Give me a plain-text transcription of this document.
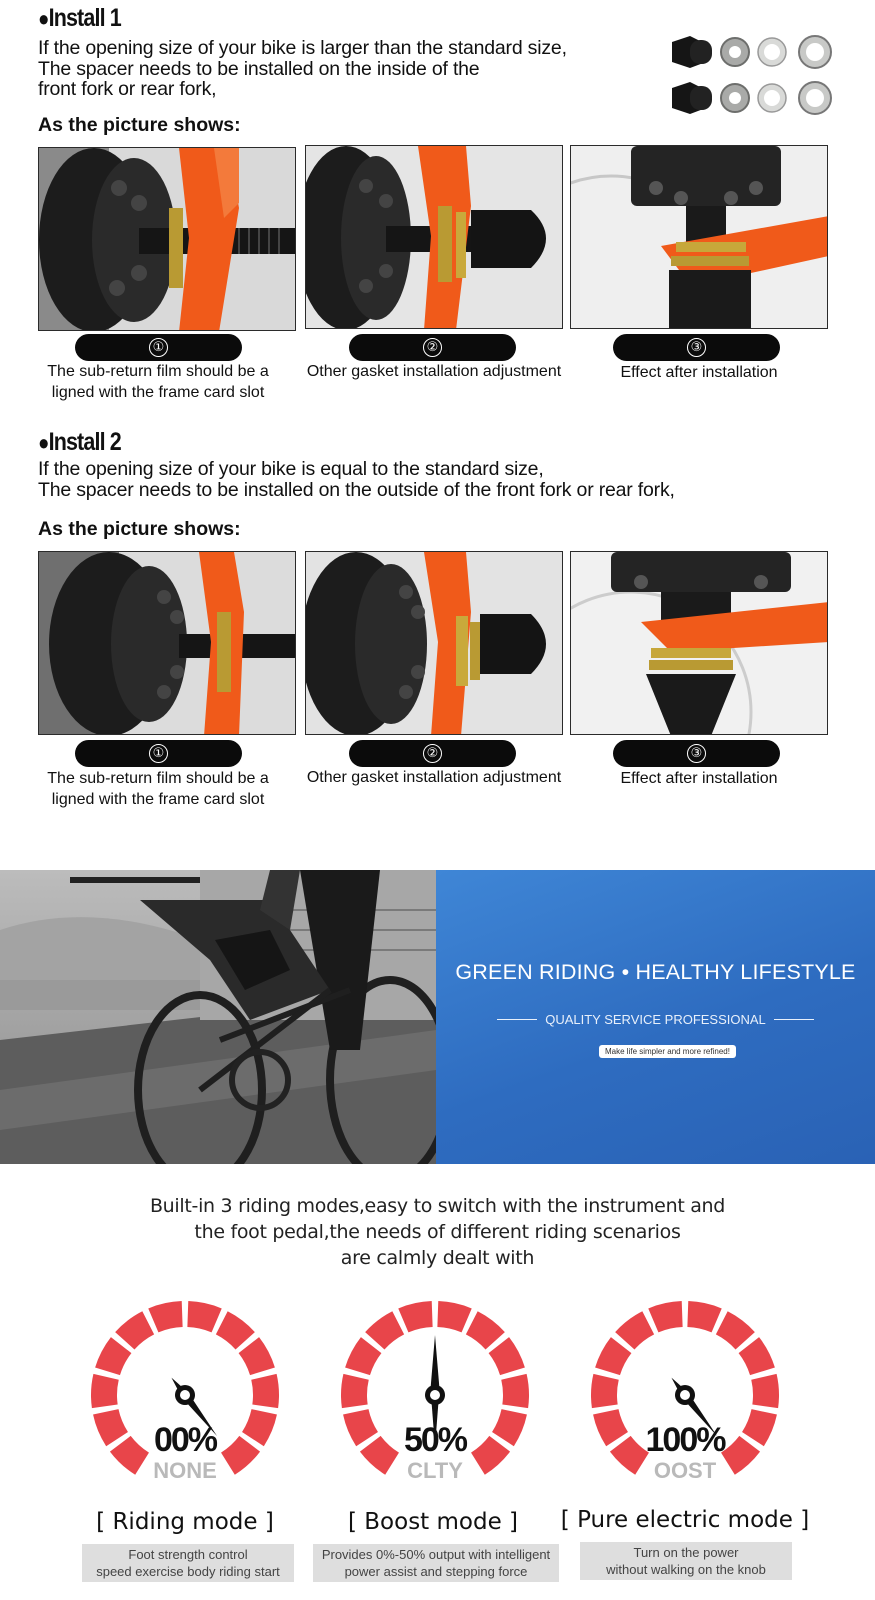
●Install 1
If the opening size of your bike is larger than the standard size,
The spacer needs to be installed on the inside of the
front fork or rear fork,
As the picture shows:
①	②	③
The sub-return film should be a
ligned with the frame card slot
Other gasket installation adjustment	Effect after installation
●Install 2
If the opening size of your bike is equal to the standard size,
The spacer needs to be installed on the outside of the front fork or rear fork,
As the picture shows:
①	②	③
The sub-return film should be a
ligned with the frame card slot
Other gasket installation adjustment	Effect after installation
GREEN RIDING • HEALTHY LIFESTYLE
QUALITY SERVICE PROFESSIONAL
Make life simpler and more refined!
Built-in 3 riding modes,easy to switch with the instrument and
the foot pedal,the needs of different riding scenarios
are calmly dealt with
00%
NONE
50%
CLTY
100%
OOST
[ Riding mode ]	[ Boost mode ]	[ Pure electric mode ]
Foot strength control
speed exercise body riding start
Provides 0%-50% output with intelligent
power assist and stepping force
Turn on the power
without walking on the knob
